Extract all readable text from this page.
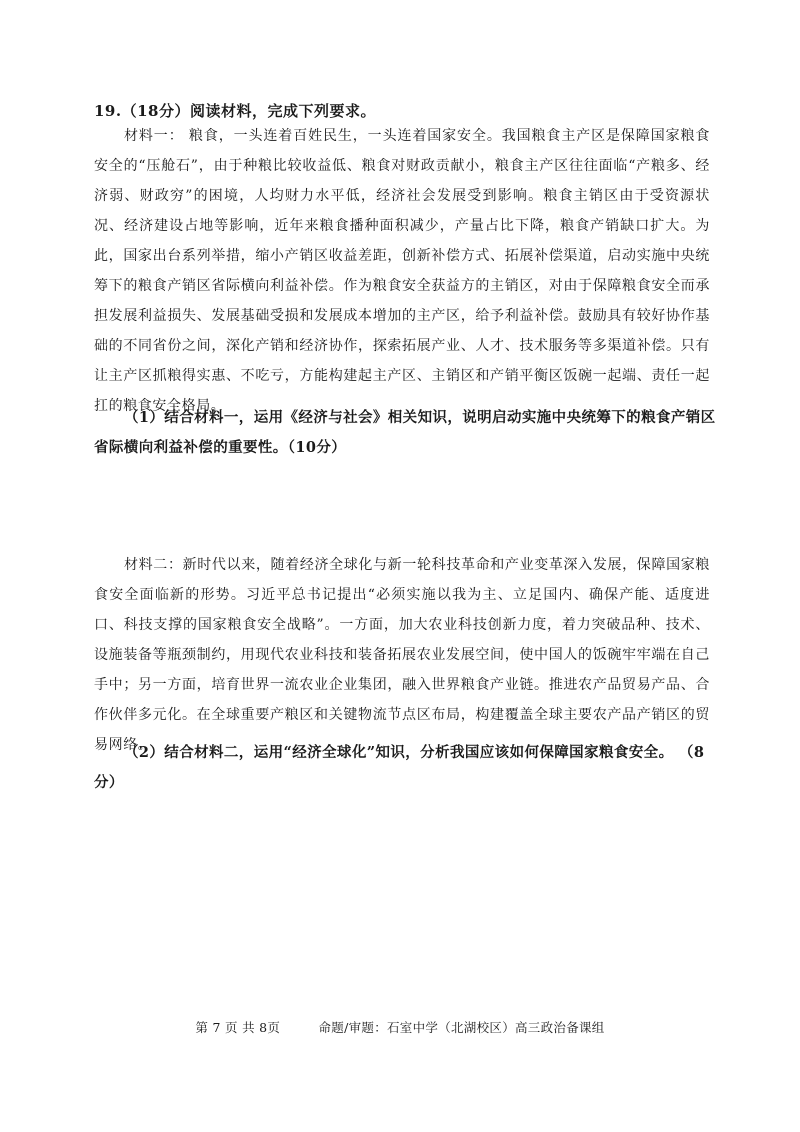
19.（18分）阅读材料，完成下列要求。
材料一： 粮食，一头连着百姓民生，一头连着国家安全。我国粮食主产区是保障国家粮食安全的“压舱石”，由于种粮比较收益低、粮食对财政贡献小，粮食主产区往往面临“产粮多、经济弱、财政穷”的困境，人均财力水平低，经济社会发展受到影响。粮食主销区由于受资源状况、经济建设占地等影响，近年来粮食播种面积减少，产量占比下降，粮食产销缺口扩大。为此，国家出台系列举措，缩小产销区收益差距，创新补偿方式、拓展补偿渠道，启动实施中央统筹下的粮食产销区省际横向利益补偿。作为粮食安全获益方的主销区，对由于保障粮食安全而承担发展利益损失、发展基础受损和发展成本增加的主产区，给予利益补偿。鼓励具有较好协作基础的不同省份之间，深化产销和经济协作，探索拓展产业、人才、技术服务等多渠道补偿。只有让主产区抓粮得实惠、不吃亏，方能构建起主产区、主销区和产销平衡区饭碗一起端、责任一起扛的粮食安全格局。
（1）结合材料一，运用《经济与社会》相关知识，说明启动实施中央统筹下的粮食产销区省际横向利益补偿的重要性。（10分）
材料二：新时代以来，随着经济全球化与新一轮科技革命和产业变革深入发展，保障国家粮食安全面临新的形势。习近平总书记提出“必须实施以我为主、立足国内、确保产能、适度进口、科技支撑的国家粮食安全战略”。一方面，加大农业科技创新力度，着力突破品种、技术、设施装备等瓶颈制约，用现代农业科技和装备拓展农业发展空间，使中国人的饭碗牢牢端在自己手中；另一方面，培育世界一流农业企业集团，融入世界粮食产业链。推进农产品贸易产品、合作伙伴多元化。在全球重要产粮区和关键物流节点区布局，构建覆盖全球主要农产品产销区的贸易网络。
（2）结合材料二，运用“经济全球化”知识，分析我国应该如何保障国家粮食安全。 （8分）
第 7 页 共 8页	命题/审题：石室中学（北湖校区）高三政治备课组
